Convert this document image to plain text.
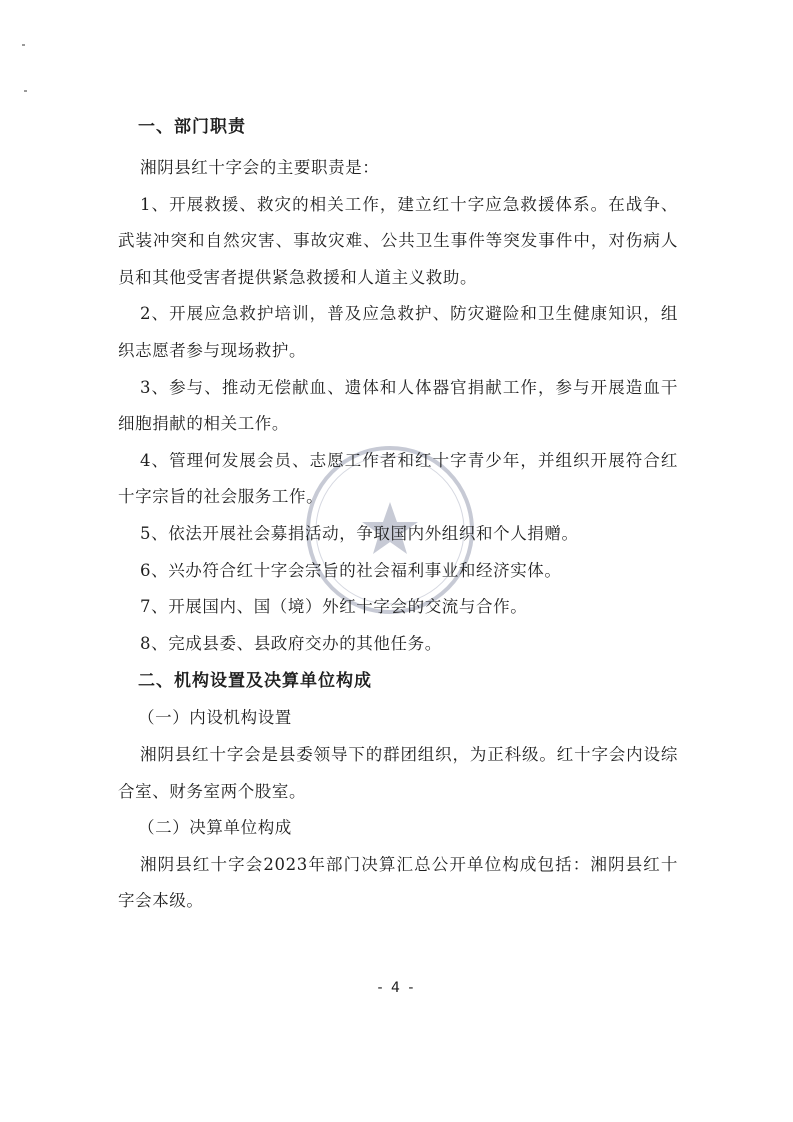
一、部门职责

湘阴县红十字会的主要职责是：

1、开展救援、救灾的相关工作，建立红十字应急救援体系。在战争、武装冲突和自然灾害、事故灾难、公共卫生事件等突发事件中，对伤病人员和其他受害者提供紧急救援和人道主义救助。

2、开展应急救护培训，普及应急救护、防灾避险和卫生健康知识，组织志愿者参与现场救护。

3、参与、推动无偿献血、遗体和人体器官捐献工作，参与开展造血干细胞捐献的相关工作。

4、管理何发展会员、志愿工作者和红十字青少年，并组织开展符合红十字宗旨的社会服务工作。

5、依法开展社会募捐活动，争取国内外组织和个人捐赠。

6、兴办符合红十字会宗旨的社会福利事业和经济实体。

7、开展国内、国（境）外红十字会的交流与合作。

8、完成县委、县政府交办的其他任务。

二、机构设置及决算单位构成

（一）内设机构设置

湘阴县红十字会是县委领导下的群团组织，为正科级。红十字会内设综合室、财务室两个股室。

（二）决算单位构成

湘阴县红十字会2023年部门决算汇总公开单位构成包括：湘阴县红十字会本级。

- 4 -
